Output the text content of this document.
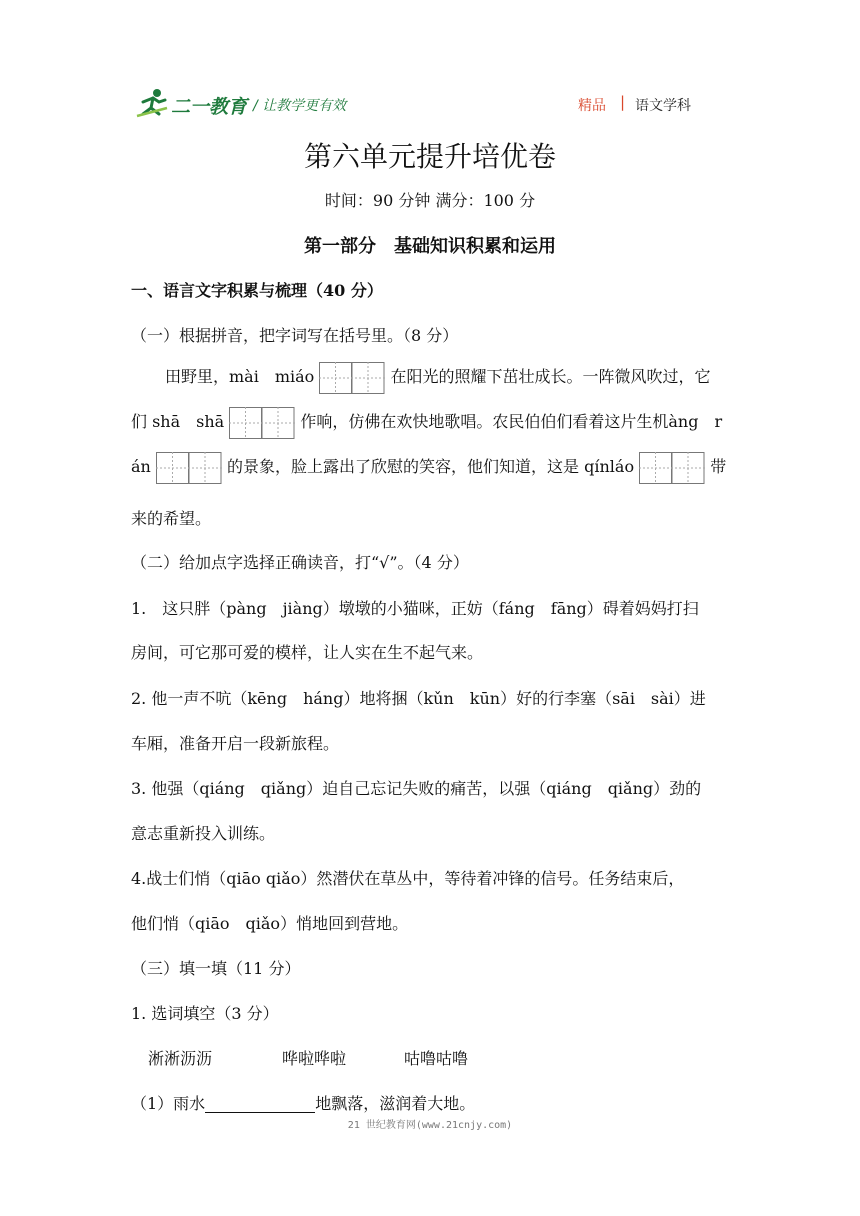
二一教育 / 让教学更有效	精品 | 语文学科
第六单元提升培优卷
时间：90 分钟 满分：100 分
第一部分　基础知识积累和运用
一、语言文字积累与梳理（40 分）
（一）根据拼音，把字词写在括号里。（8 分）
田野里，mài　miáo	在阳光的照耀下茁壮成长。一阵微风吹过，它
们 shā　shā	作响，仿佛在欢快地歌唱。农民伯伯们看着这片生机àng　r
án	的景象，脸上露出了欣慰的笑容，他们知道，这是 qínláo	带
来的希望。
（二）给加点字选择正确读音，打“√”。（4 分）
1.　这只胖（pàng　jiàng）墩墩的小猫咪，正妨（fáng　fāng）碍着妈妈打扫
房间，可它那可爱的模样，让人实在生不起气来。
2. 他一声不吭（kēng　háng）地将捆（kǔn　kūn）好的行李塞（sāi　sài）进
车厢，准备开启一段新旅程。
3. 他强（qiáng　qiǎng）迫自己忘记失败的痛苦，以强（qiáng　qiǎng）劲的
意志重新投入训练。
4.战士们悄（qiāo qiǎo）然潜伏在草丛中，等待着冲锋的信号。任务结束后，
他们悄（qiāo　qiǎo）悄地回到营地。
（三）填一填（11 分）
1. 选词填空（3 分）
淅淅沥沥	哗啦哗啦	咕噜咕噜
（1）雨水	地飘落，滋润着大地。
21 世纪教育网(www.21cnjy.com)
